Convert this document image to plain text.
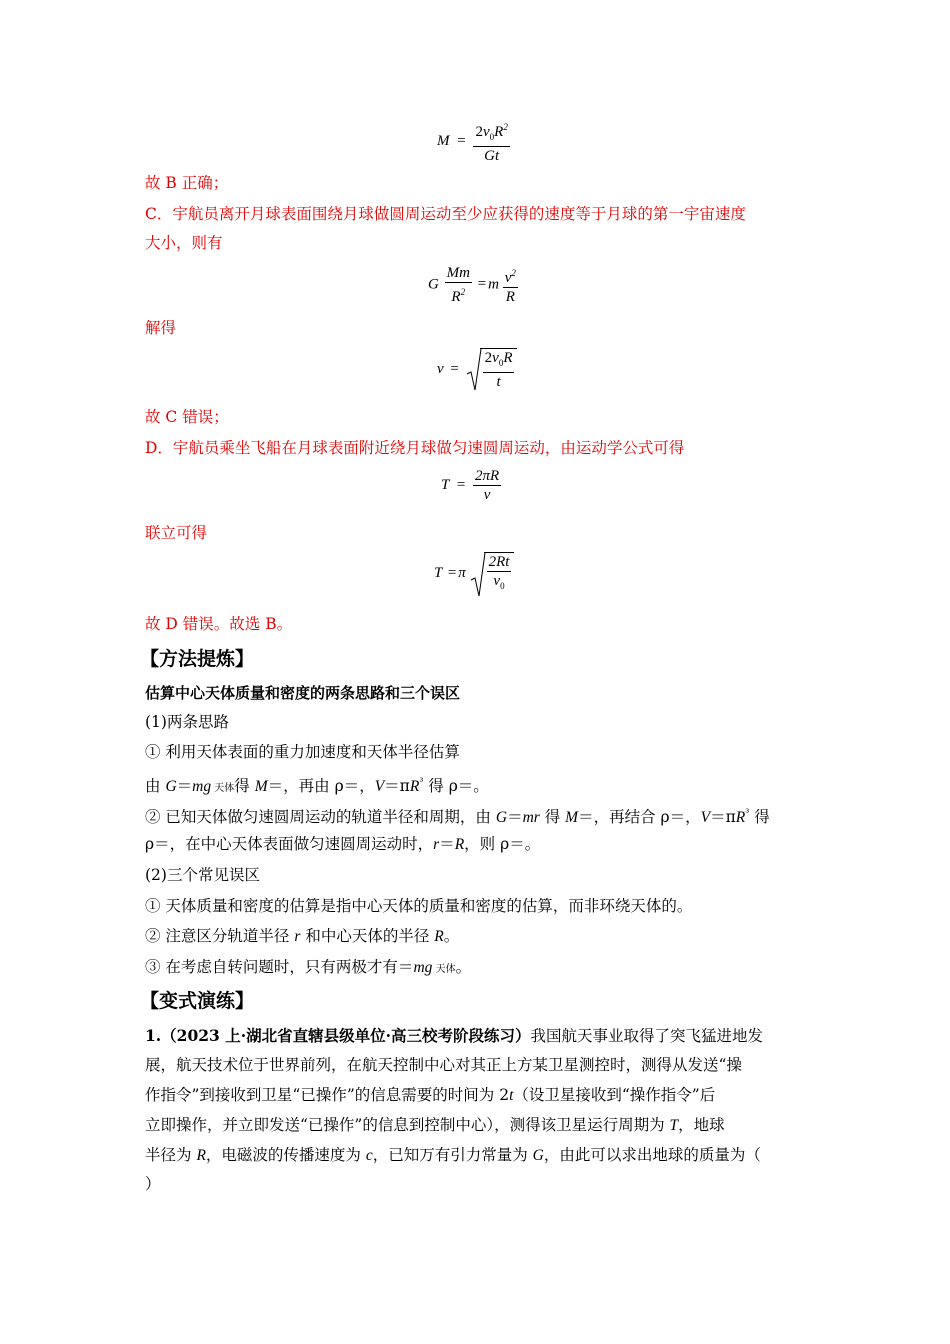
$M = \frac{2v_0R^2}{Gt}$
故 B 正确；
C．宇航员离开月球表面围绕月球做圆周运动至少应获得的速度等于月球的第一宇宙速度
大小，则有
G $\frac{Mm}{R^2} = m \frac{v^2}{R}$
解得
$v = \frac{2v_0R}{t}$
故 C 错误；
D．宇航员乘坐飞船在月球表面附近绕月球做匀速圆周运动，由运动学公式可得
$T = \frac{2\pi R}{v}$
联立可得
T = π $\frac{2Rt}{v_0}$
故 D 错误。故选 B。
【方法提炼】
估算中心天体质量和密度的两条思路和三个误区
(1)两条思路
① 利用天体表面的重力加速度和天体半径估算
由 G＝mg 天体得 M＝，再由 ρ＝，$V=\pi R^{^3}$ 得 ρ＝。
② 已知天体做匀速圆周运动的轨道半径和周期，由 G＝mr 得 M＝，再结合 ρ＝，$V=\pi R^{^3}$ 得
ρ＝，在中心天体表面做匀速圆周运动时，r＝R，则 ρ＝。
(2)三个常见误区
① 天体质量和密度的估算是指中心天体的质量和密度的估算，而非环绕天体的。
② 注意区分轨道半径 r 和中心天体的半径 R。
③ 在考虑自转问题时，只有两极才有＝mg 天体。
【变式演练】
1.（2023 上·湖北省直辖县级单位·高三校考阶段练习）我国航天事业取得了突飞猛进地发
展，航天技术位于世界前列，在航天控制中心对其正上方某卫星测控时，测得从发送“操
作指令”到接收到卫星“已操作”的信息需要的时间为 2t（设卫星接收到“操作指令”后
立即操作，并立即发送“已操作”的信息到控制中心），测得该卫星运行周期为 T，地球
半径为 R，电磁波的传播速度为 c，已知万有引力常量为 G，由此可以求出地球的质量为（
）
